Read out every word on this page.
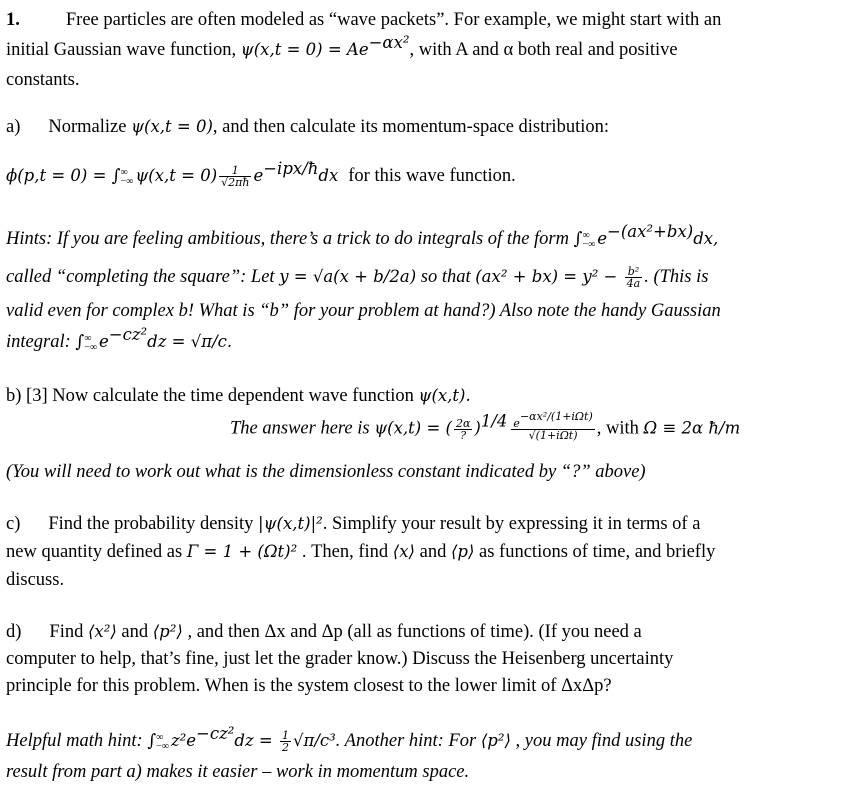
1. Free particles are often modeled as “wave packets”. For example, we might start with an
initial Gaussian wave function, $\psi(x,t = 0) = Ae^{-\alpha x^2}$, with A and α both real and positive
constants.
a) Normalize ψ(x,t = 0), and then calculate its momentum-space distribution:
ϕ(p,t = 0) = ∫ ∞
−∞ $\psi(x,t = 0) \frac{1}{√2\pi ħ} e^{-ipx/ħ}dx$ for this wave function.
Hints: If you are feeling ambitious, there’s a trick to do integrals of the form ∫ ∞
−∞ $e^{-(ax^2+bx)}dx$,
called “completing the square”: Let y = √a(x + b/2a) so that $(ax^2 + bx) = y^2 - \frac{\text{b²}}{4a}$ . (This is
valid even for complex b! What is “b” for your problem at hand?) Also note the handy Gaussian
integral: ∫ ∞
−∞ $e^{-cz^2}dz = √\pi/c$.
b) [3] Now calculate the time dependent wave function ψ(x,t).
The answer here is ψ(x,t) = ( $\frac{2\alpha}{?} )^{1/4} \frac{e^{-\alpha x^2/(1+i\Omega t)}}{\text{√(1+iΩt)}}$ , with Ω ≡ 2α ħ/m
(You will need to work out what is the dimensionless constant indicated by “?” above)
c) Find the probability density |ψ(x,t)|². Simplify your result by expressing it in terms of a
new quantity defined as Γ = 1 + (Ωt)² . Then, find ⟨x⟩ and ⟨p⟩ as functions of time, and briefly
discuss.
d) Find ⟨x²⟩ and ⟨p²⟩ , and then Δx and Δp (all as functions of time). (If you need a
computer to help, that’s fine, just let the grader know.) Discuss the Heisenberg uncertainty
principle for this problem. When is the system closest to the lower limit of ΔxΔp?
Helpful math hint: ∫ ∞
−∞ $z^2e^{-cz^2}dz = \frac{1}{2} √\pi/c^3$. Another hint: For ⟨p²⟩ , you may find using the
result from part a) makes it easier – work in momentum space.
